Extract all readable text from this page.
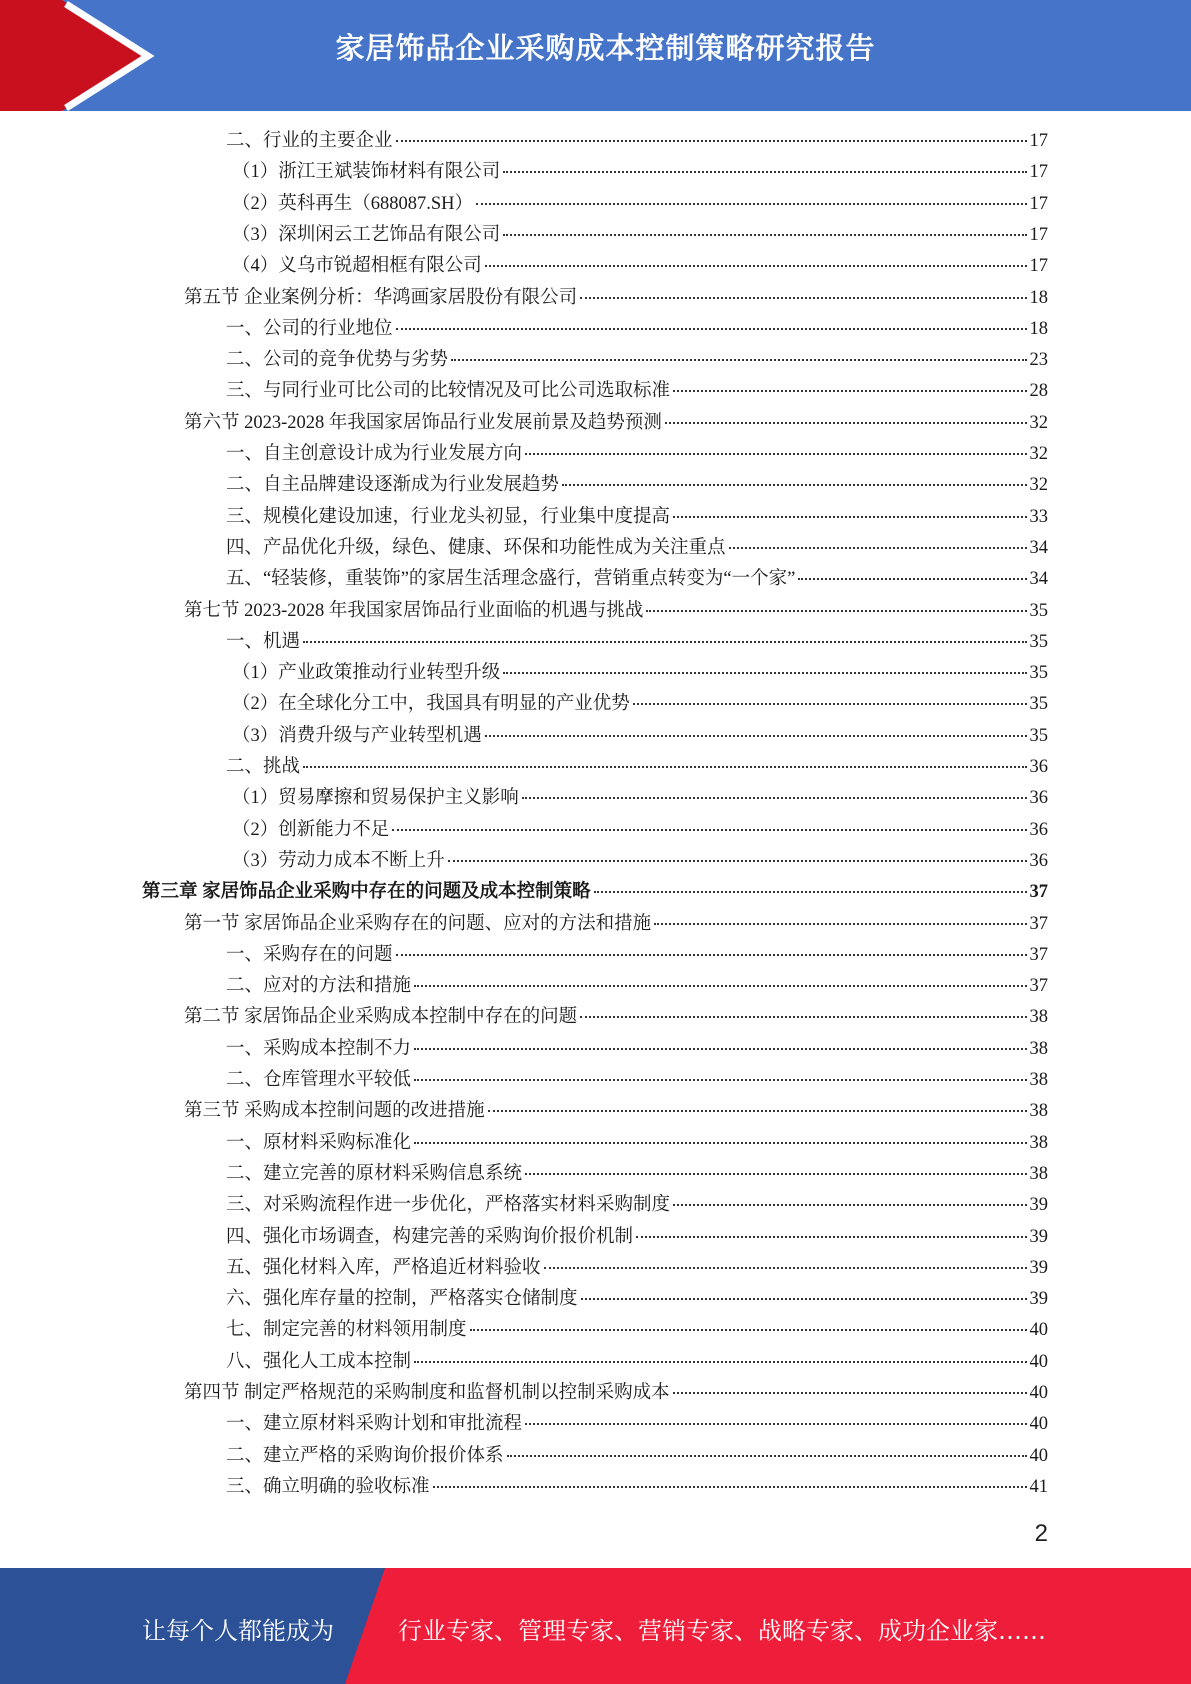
家居饰品企业采购成本控制策略研究报告
二、行业的主要企业	17
（1）浙江王斌装饰材料有限公司	17
（2）英科再生（688087.SH）	17
（3）深圳闲云工艺饰品有限公司	17
（4）义乌市锐超相框有限公司	17
第五节 企业案例分析：华鸿画家居股份有限公司	18
一、公司的行业地位	18
二、公司的竞争优势与劣势	23
三、与同行业可比公司的比较情况及可比公司选取标准	28
第六节 2023-2028 年我国家居饰品行业发展前景及趋势预测	32
一、自主创意设计成为行业发展方向	32
二、自主品牌建设逐渐成为行业发展趋势	32
三、规模化建设加速，行业龙头初显，行业集中度提高	33
四、产品优化升级，绿色、健康、环保和功能性成为关注重点	34
五、“轻装修，重装饰”的家居生活理念盛行，营销重点转变为“一个家”	34
第七节 2023-2028 年我国家居饰品行业面临的机遇与挑战	35
一、机遇	35
（1）产业政策推动行业转型升级	35
（2）在全球化分工中，我国具有明显的产业优势	35
（3）消费升级与产业转型机遇	35
二、挑战	36
（1）贸易摩擦和贸易保护主义影响	36
（2）创新能力不足	36
（3）劳动力成本不断上升	36
第三章 家居饰品企业采购中存在的问题及成本控制策略	37
第一节 家居饰品企业采购存在的问题、应对的方法和措施	37
一、采购存在的问题	37
二、应对的方法和措施	37
第二节 家居饰品企业采购成本控制中存在的问题	38
一、采购成本控制不力	38
二、仓库管理水平较低	38
第三节 采购成本控制问题的改进措施	38
一、原材料采购标准化	38
二、建立完善的原材料采购信息系统	38
三、对采购流程作进一步优化，严格落实材料采购制度	39
四、强化市场调查，构建完善的采购询价报价机制	39
五、强化材料入库，严格追近材料验收	39
六、强化库存量的控制，严格落实仓储制度	39
七、制定完善的材料领用制度	40
八、强化人工成本控制	40
第四节 制定严格规范的采购制度和监督机制以控制采购成本	40
一、建立原材料采购计划和审批流程	40
二、建立严格的采购询价报价体系	40
三、确立明确的验收标准	41
2
让每个人都能成为	行业专家、管理专家、营销专家、战略专家、成功企业家……
